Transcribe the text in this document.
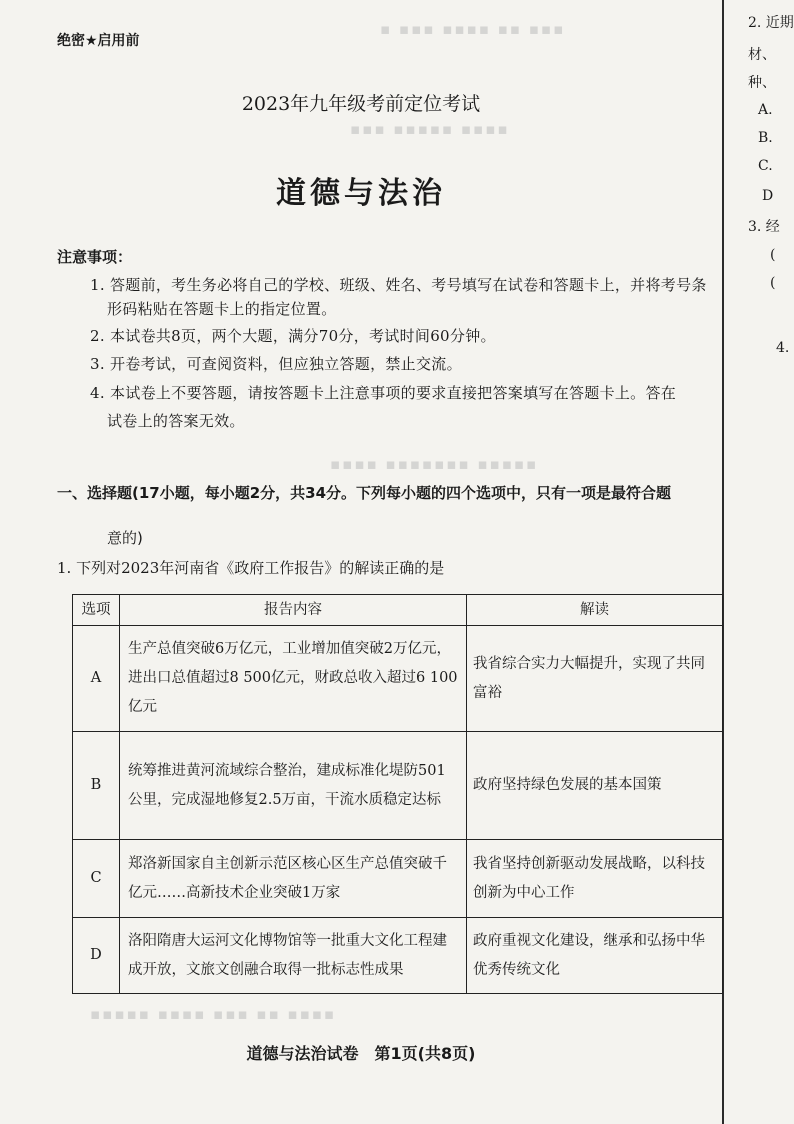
▪ ▪▪▪ ▪▪▪▪ ▪▪ ▪▪▪
▪▪▪ ▪▪▪▪▪ ▪▪▪▪
▪▪▪▪ ▪▪▪▪▪▪▪ ▪▪▪▪▪
▪▪▪▪▪ ▪▪▪▪ ▪▪▪ ▪▪ ▪▪▪▪
绝密★启用前
2023年九年级考前定位考试
道德与法治
注意事项：
1. 答题前，考生务必将自己的学校、班级、姓名、考号填写在试卷和答题卡上，并将考号条
形码粘贴在答题卡上的指定位置。
2. 本试卷共8页，两个大题，满分70分，考试时间60分钟。
3. 开卷考试，可查阅资料，但应独立答题，禁止交流。
4. 本试卷上不要答题，请按答题卡上注意事项的要求直接把答案填写在答题卡上。答在
试卷上的答案无效。
一、选择题(17小题，每小题2分，共34分。下列每小题的四个选项中，只有一项是最符合题
意的)
1. 下列对2023年河南省《政府工作报告》的解读正确的是
选项	报告内容	解读
A	生产总值突破6万亿元，工业增加值突破2万亿元，进出口总值超过8 500亿元，财政总收入超过6 100亿元	我省综合实力大幅提升，实现了共同富裕
B	统筹推进黄河流域综合整治，建成标准化堤防501公里，完成湿地修复2.5万亩，干流水质稳定达标	政府坚持绿色发展的基本国策
C	郑洛新国家自主创新示范区核心区生产总值突破千亿元……高新技术企业突破1万家	我省坚持创新驱动发展战略，以科技创新为中心工作
D	洛阳隋唐大运河文化博物馆等一批重大文化工程建成开放，文旅文创融合取得一批标志性成果	政府重视文化建设，继承和弘扬中华优秀传统文化
2. 近期
材、
种、
A.
B.
C.
D
3. 经
(
(
4.
道德与法治试卷　第1页(共8页)
